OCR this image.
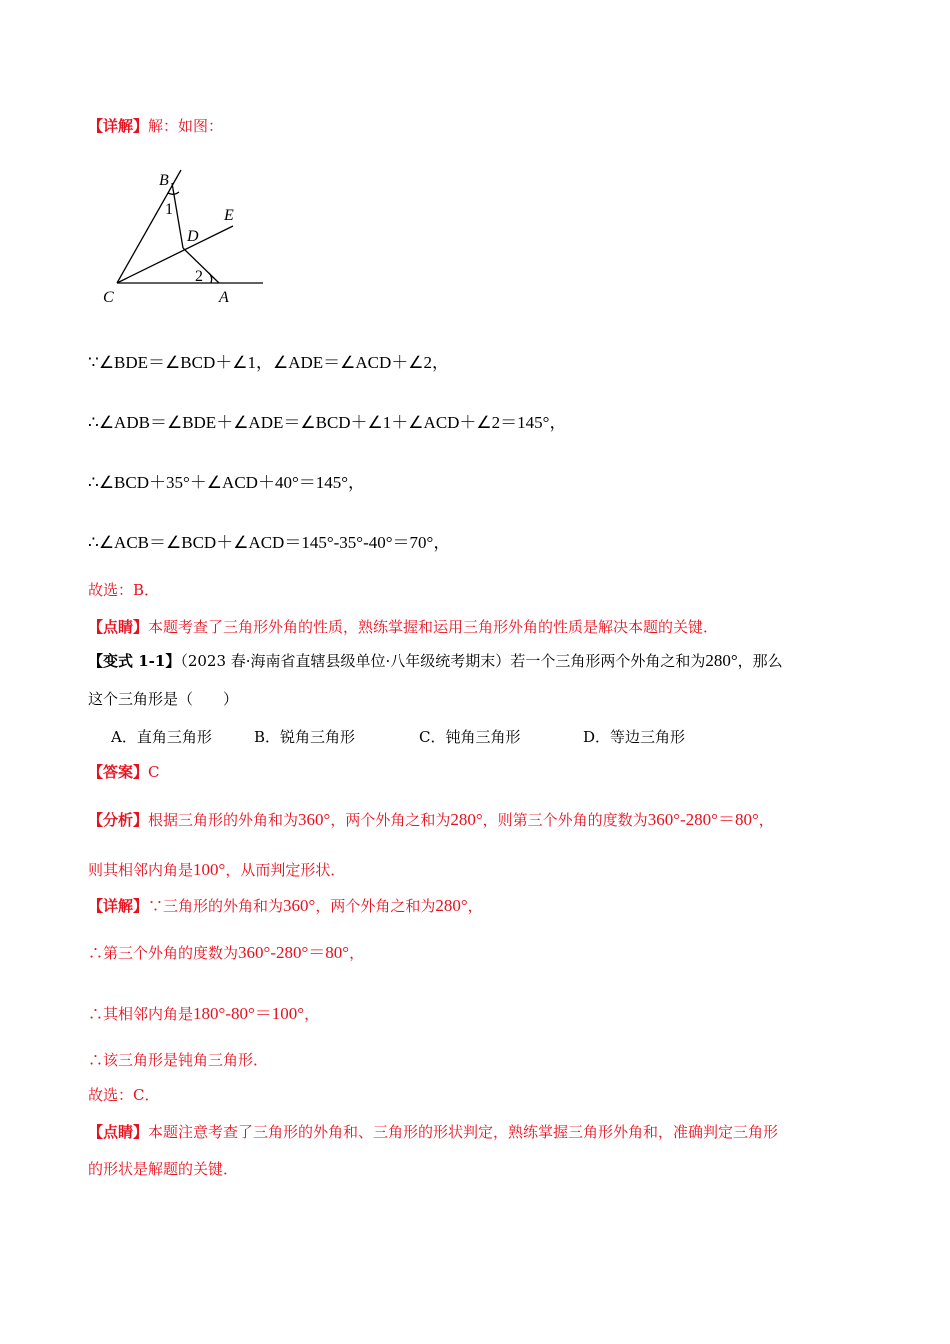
【详解】解：如图：
B
E
D
C	A
1
2
∵∠BDE＝∠BCD＋∠1，∠ADE＝∠ACD＋∠2，
∴∠ADB＝∠BDE＋∠ADE＝∠BCD＋∠1＋∠ACD＋∠2＝145°，
∴∠BCD＋35°＋∠ACD＋40°＝145°，
∴∠ACB＝∠BCD＋∠ACD＝145°-35°-40°＝70°，
故选：B．
【点睛】本题考查了三角形外角的性质，熟练掌握和运用三角形外角的性质是解决本题的关键．
【变式 1-1】（2023 春·海南省直辖县级单位·八年级统考期末）若一个三角形两个外角之和为280°，那么
这个三角形是（　　）
A．直角三角形	B．锐角三角形	C．钝角三角形	D．等边三角形
【答案】C
【分析】根据三角形的外角和为360°，两个外角之和为280°，则第三个外角的度数为360°-280°＝80°，
则其相邻内角是100°，从而判定形状．
【详解】∵三角形的外角和为360°，两个外角之和为280°，
∴第三个外角的度数为360°-280°＝80°，
∴其相邻内角是180°-80°＝100°，
∴该三角形是钝角三角形．
故选：C．
【点睛】本题注意考查了三角形的外角和、三角形的形状判定，熟练掌握三角形外角和，准确判定三角形
的形状是解题的关键．
